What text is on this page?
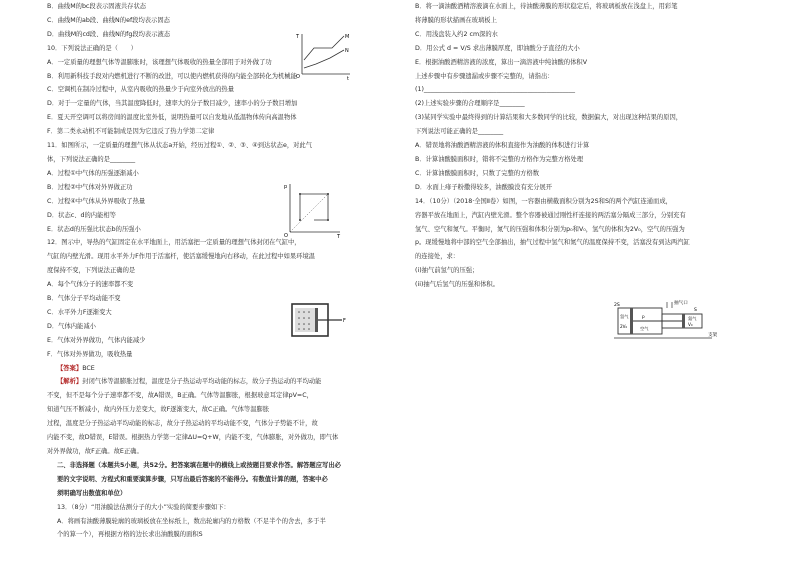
B．曲线M的bc段表示固液共存状态

C．曲线M的ab段、曲线N的ef段均表示固态

D．曲线M的cd段、曲线N的fg段均表示液态

10．下列说法正确的是（　　）

A．一定质量的理想气体等温膨胀时，该理想气体吸收的热量全部用于对外做了功

B．利用新科技手段对内燃机进行不断的改进，可以使内燃机获得的内能全部转化为机械能

C．空调机在制冷过程中，从室内吸收的热量少于向室外放出的热量

D．对于一定量的气体，当其温度降低时，速率大的分子数目减少，速率小的分子数目增加

E．夏天开空调可以将房间的温度比室外低，说明热量可以自发地从低温物体传向高温物体

F．第二类永动机不可能制成是因为它违反了热力学第二定律

11．如图所示，一定质量的理想气体从状态a开始，经历过程①、②、③、④到达状态e，对此气

体，下列说法正确的是________

A．过程①中气体的压强逐渐减小

B．过程②中气体对外界做正功

C．过程④中气体从外界吸收了热量

D．状态c、d的内能相等

E．状态d的压强比状态b的压强小

12．图示中，导热的气缸固定在水平地面上，用活塞把一定质量的理想气体封闭在气缸中，

气缸的内壁光滑。现用水平外力F作用于活塞杆，使活塞缓慢地向右移动，在此过程中如果环境温

度保持不变，下列说法正确的是

A．每个气体分子的速率都不变

B．气体分子平均动能不变

C．水平外力F逐渐变大

D．气体内能减小

E．气体对外界做功，气体内能减少

F．气体对外界做功，吸收热量

【答案】BCE

【解析】封闭气体等温膨胀过程，温度是分子热运动平均动能的标志，故分子热运动的平均动能

不变，但不是每个分子速率都不变，故A错误，B正确。气体等温膨胀，根据玻意耳定律pV=C，

知道气压不断减小，故内外压力差变大，故F逐渐变大，故C正确。气体等温膨胀

过程，温度是分子热运动平均动能的标志，故分子热运动的平均动能不变，气体分子势能不计，故

内能不变，故D错误，E错误。根据热力学第一定律ΔU=Q+W，内能不变，气体膨胀，对外做功，即气体

对外界做功，故F正确。故E正确。

二、非选择题（本题共5小题，共52分。把答案填在题中的横线上或按题目要求作答。解答题应写出必

要的文字说明、方程式和重要演算步骤，只写出最后答案的不能得分。有数值计算的题，答案中必

须明确写出数值和单位）

13．（8分）“用油膜法估测分子的大小”实验的简要步骤如下：

A．将画有油酸薄膜轮廓的玻璃板放在坐标纸上，数出轮廓内的方格数（不足半个的舍去，多于半

个的算一个），再根据方格的边长求出油酸膜的面积S

B．将一滴油酸酒精溶液滴在水面上，待油酸薄膜的形状稳定后，将玻璃板放在浅盘上，用彩笔

将薄膜的形状描画在玻璃板上

C．用浅盘装入约2 cm深的水

D．用公式 d = V/S 求出薄膜厚度，即油酸分子直径的大小

E．根据油酸酒精溶液的浓度，算出一滴溶液中纯油酸的体积V

上述步骤中有步骤遗漏或步骤不完整的，请指出：

(1)________________________________________________

(2)上述实验步骤的合理顺序是________

(3)某同学实验中最终得到的计算结果和大多数同学的比较，数据偏大，对出现这种结果的原因，

下列说法可能正确的是________

A．错误地将油酸酒精溶液的体积直接作为油酸的体积进行计算

B．计算油酸膜面积时，错将不完整的方格作为完整方格处理

C．计算油酸膜面积时，只数了完整的方格数

D．水面上痱子粉撒得较多，油酸膜没有充分展开

14．（10分）（2018·全国Ⅱ卷）如图，一容器由横截面积分别为2S和S的两个汽缸连通而成，

容器平放在地面上，汽缸内壁光滑。整个容器被通过刚性杆连接的两活塞分隔成三部分，分别充有

氢气、空气和氮气。平衡时，氮气的压强和体积分别为p₀和V₀，氢气的体积为2V₀，空气的压强为

p。现缓慢地将中部的空气全部抽出，抽气过程中氢气和氮气的温度保持不变，活塞没有到达两汽缸

的连接处，求：

(i)抽气前氢气的压强；

(ii)抽气后氢气的压强和体积。

T
O	t
M
N
p
O	T
F
2S
S
抽气口
氢气
2V₀
p
空气
氮气
V₀
支架
